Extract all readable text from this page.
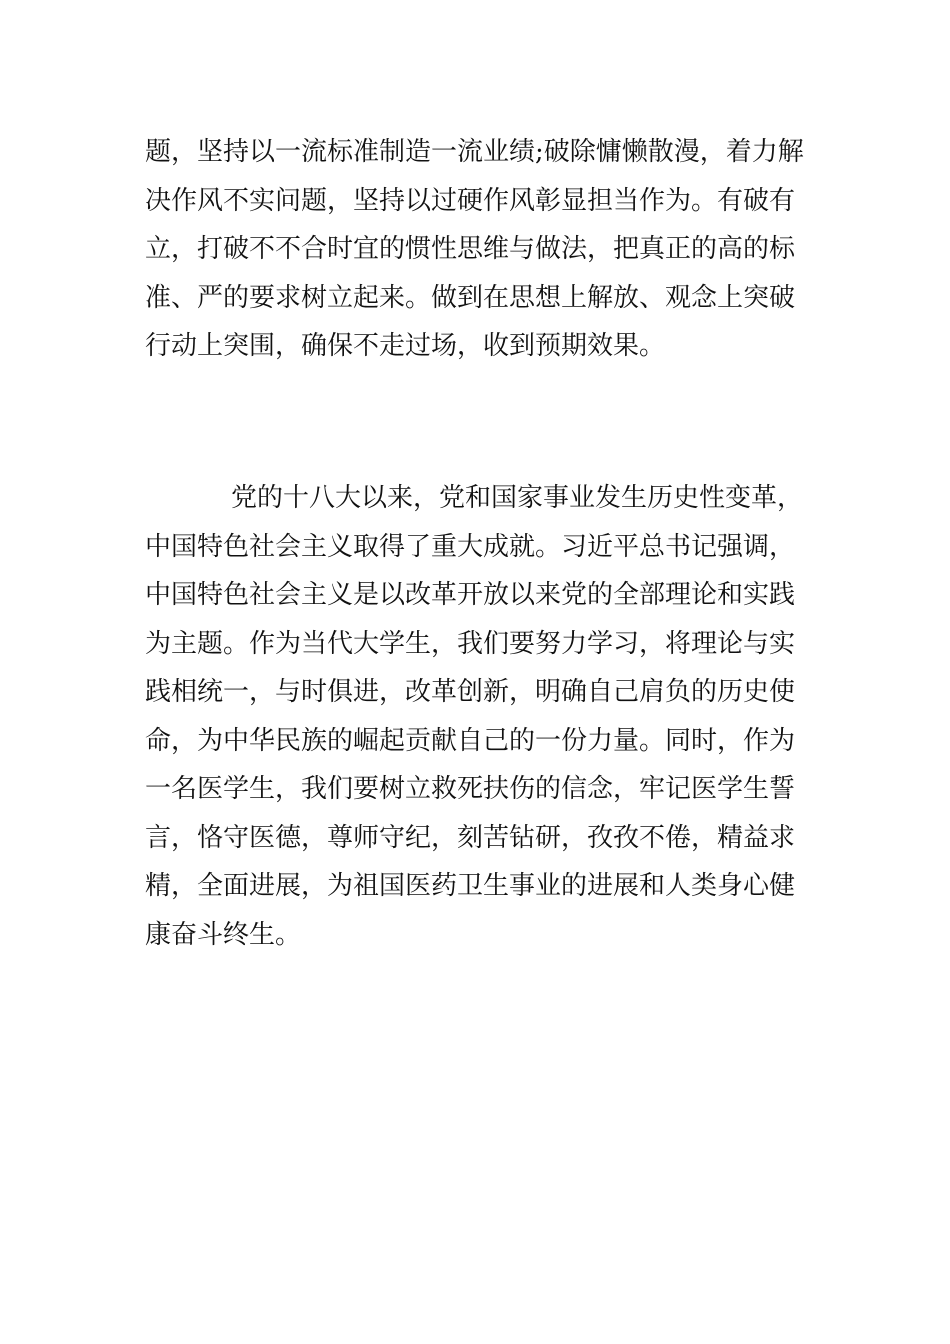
题，坚持以一流标准制造一流业绩;破除慵懒散漫，着力解
决作风不实问题，坚持以过硬作风彰显担当作为。有破有
立，打破不不合时宜的惯性思维与做法，把真正的高的标
准、严的要求树立起来。做到在思想上解放、观念上突破
行动上突围，确保不走过场，收到预期效果。
党的十八大以来，党和国家事业发生历史性变革，
中国特色社会主义取得了重大成就。习近平总书记强调，
中国特色社会主义是以改革开放以来党的全部理论和实践
为主题。作为当代大学生，我们要努力学习，将理论与实
践相统一，与时俱进，改革创新，明确自己肩负的历史使
命，为中华民族的崛起贡献自己的一份力量。同时，作为
一名医学生，我们要树立救死扶伤的信念，牢记医学生誓
言，恪守医德，尊师守纪，刻苦钻研，孜孜不倦，精益求
精，全面进展，为祖国医药卫生事业的进展和人类身心健
康奋斗终生。
